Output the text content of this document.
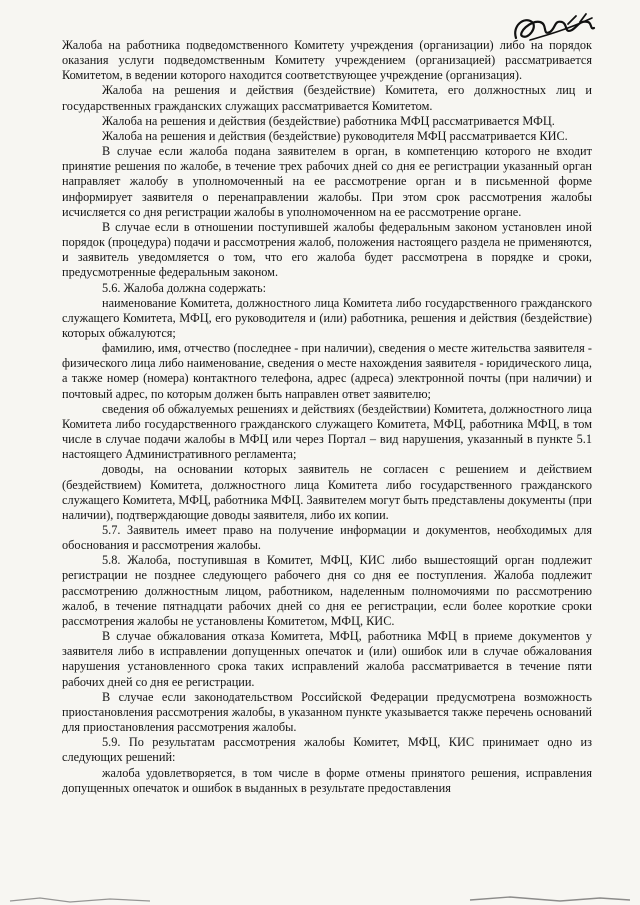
Жалоба на работника подведомственного Комитету учреждения (организации) либо на порядок оказания услуги подведомственным Комитету учреждением (организацией) рассматривается Комитетом, в ведении которого находится соответствующее учреждение (организация).

Жалоба на решения и действия (бездействие) Комитета, его должностных лиц и государственных гражданских служащих рассматривается Комитетом.

Жалоба на решения и действия (бездействие) работника МФЦ рассматривается МФЦ.

Жалоба на решения и действия (бездействие) руководителя МФЦ рассматривается КИС.

В случае если жалоба подана заявителем в орган, в компетенцию которого не входит принятие решения по жалобе, в течение трех рабочих дней со дня ее регистрации указанный орган направляет жалобу в уполномоченный на ее рассмотрение орган и в письменной форме информирует заявителя о перенаправлении жалобы. При этом срок рассмотрения жалобы исчисляется со дня регистрации жалобы в уполномоченном на ее рассмотрение органе.

В случае если в отношении поступившей жалобы федеральным законом установлен иной порядок (процедура) подачи и рассмотрения жалоб, положения настоящего раздела не применяются, и заявитель уведомляется о том, что его жалоба будет рассмотрена в порядке и сроки, предусмотренные федеральным законом.

5.6. Жалоба должна содержать:

наименование Комитета, должностного лица Комитета либо государственного гражданского служащего Комитета, МФЦ, его руководителя и (или) работника, решения и действия (бездействие) которых обжалуются;

фамилию, имя, отчество (последнее - при наличии), сведения о месте жительства заявителя - физического лица либо наименование, сведения о месте нахождения заявителя - юридического лица, а также номер (номера) контактного телефона, адрес (адреса) электронной почты (при наличии) и почтовый адрес, по которым должен быть направлен ответ заявителю;

сведения об обжалуемых решениях и действиях (бездействии) Комитета, должностного лица Комитета либо государственного гражданского служащего Комитета, МФЦ, работника МФЦ, в том числе в случае подачи жалобы в МФЦ или через Портал – вид нарушения, указанный в пункте 5.1 настоящего Административного регламента;

доводы, на основании которых заявитель не согласен с решением и действием (бездействием) Комитета, должностного лица Комитета либо государственного гражданского служащего Комитета, МФЦ, работника МФЦ. Заявителем могут быть представлены документы (при наличии), подтверждающие доводы заявителя, либо их копии.

5.7. Заявитель имеет право на получение информации и документов, необходимых для обоснования и рассмотрения жалобы.

5.8. Жалоба, поступившая в Комитет, МФЦ, КИС либо вышестоящий орган подлежит регистрации не позднее следующего рабочего дня со дня ее поступления. Жалоба подлежит рассмотрению должностным лицом, работником, наделенным полномочиями по рассмотрению жалоб, в течение пятнадцати рабочих дней со дня ее регистрации, если более короткие сроки рассмотрения жалобы не установлены Комитетом, МФЦ, КИС.

В случае обжалования отказа Комитета, МФЦ, работника МФЦ в приеме документов у заявителя либо в исправлении допущенных опечаток и (или) ошибок или в случае обжалования нарушения установленного срока таких исправлений жалоба рассматривается в течение пяти рабочих дней со дня ее регистрации.

В случае если законодательством Российской Федерации предусмотрена возможность приостановления рассмотрения жалобы, в указанном пункте указывается также перечень оснований для приостановления рассмотрения жалобы.

5.9. По результатам рассмотрения жалобы Комитет, МФЦ, КИС принимает одно из следующих решений:

жалоба удовлетворяется, в том числе в форме отмены принятого решения, исправления допущенных опечаток и ошибок в выданных в результате предоставления
